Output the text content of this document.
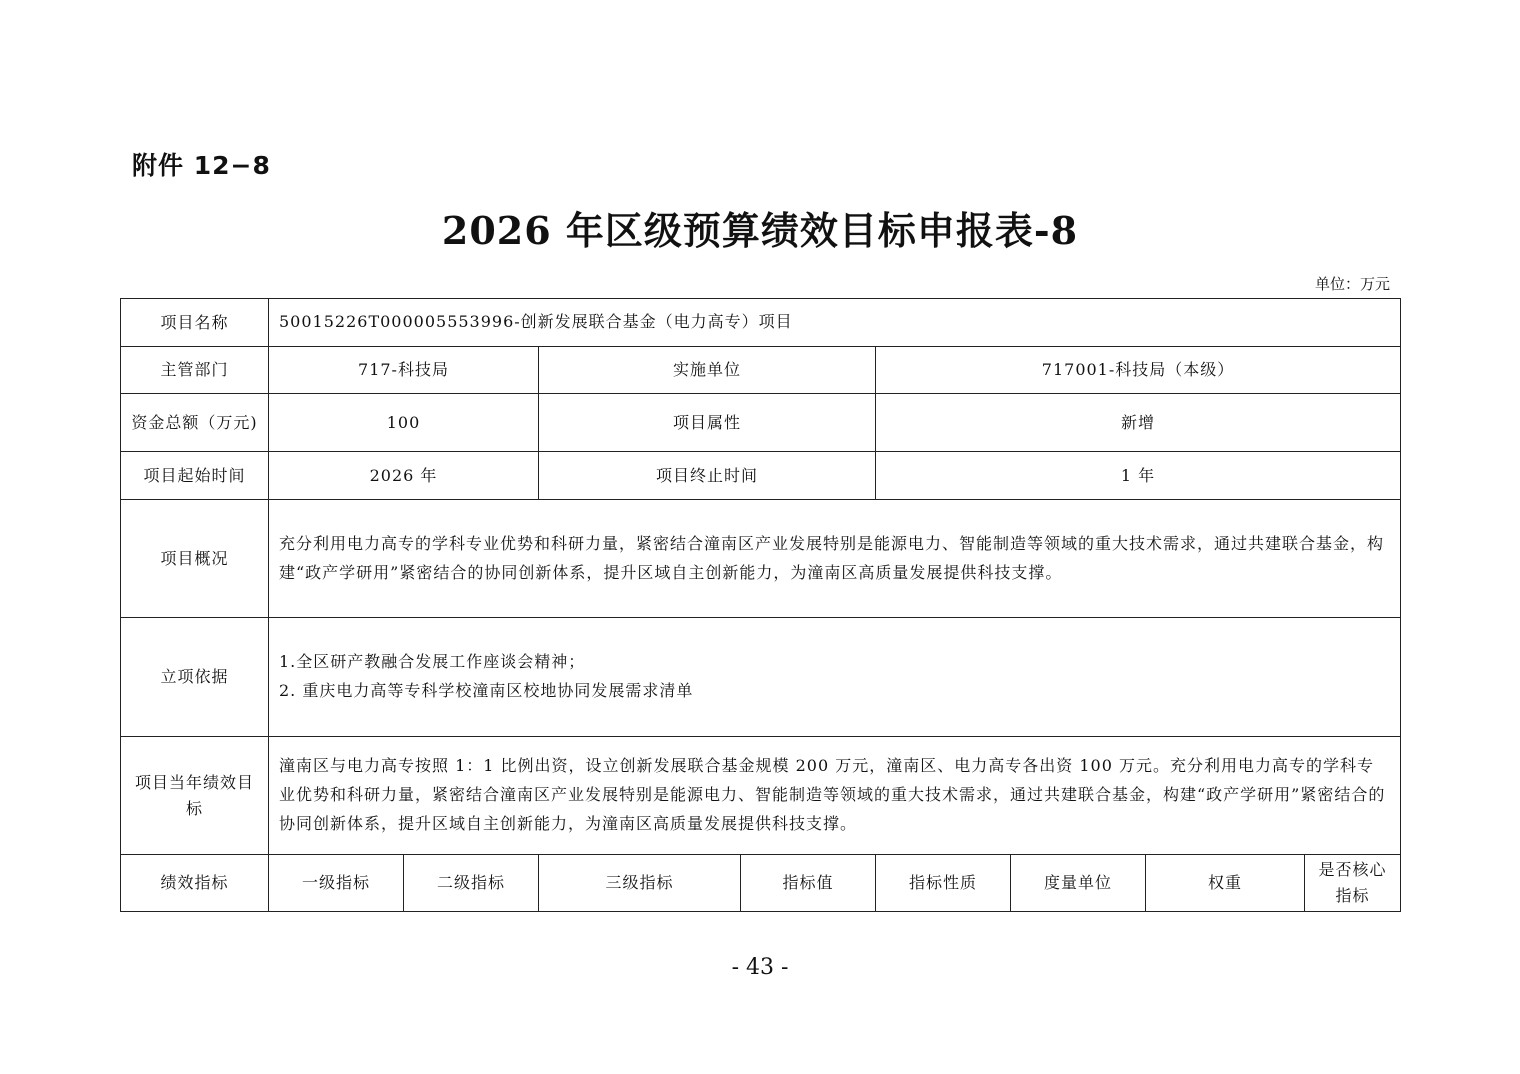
附件 12−8
2026 年区级预算绩效目标申报表-8
单位：万元
项目名称	50015226T000005553996-创新发展联合基金（电力高专）项目							
主管部门	717-科技局		实施单位		717001-科技局（本级）			
资金总额（万元)	100		项目属性		新增			
项目起始时间	2026 年		项目终止时间		1 年			
项目概况	充分利用电力高专的学科专业优势和科研力量，紧密结合潼南区产业发展特别是能源电力、智能制造等领域的重大技术需求，通过共建联合基金，构建“政产学研用”紧密结合的协同创新体系，提升区域自主创新能力，为潼南区高质量发展提供科技支撑。							
立项依据	1.全区研产教融合发展工作座谈会精神；
2. 重庆电力高等专科学校潼南区校地协同发展需求清单							

项目当年绩效目标	潼南区与电力高专按照 1：1 比例出资，设立创新发展联合基金规模 200 万元，潼南区、电力高专各出资 100 万元。充分利用电力高专的学科专业优势和科研力量，紧密结合潼南区产业发展特别是能源电力、智能制造等领域的重大技术需求，通过共建联合基金，构建“政产学研用”紧密结合的协同创新体系，提升区域自主创新能力，为潼南区高质量发展提供科技支撑。							
绩效指标	一级指标	二级指标	三级指标	指标值	指标性质	度量单位	权重	是否核心指标
- 43 -
